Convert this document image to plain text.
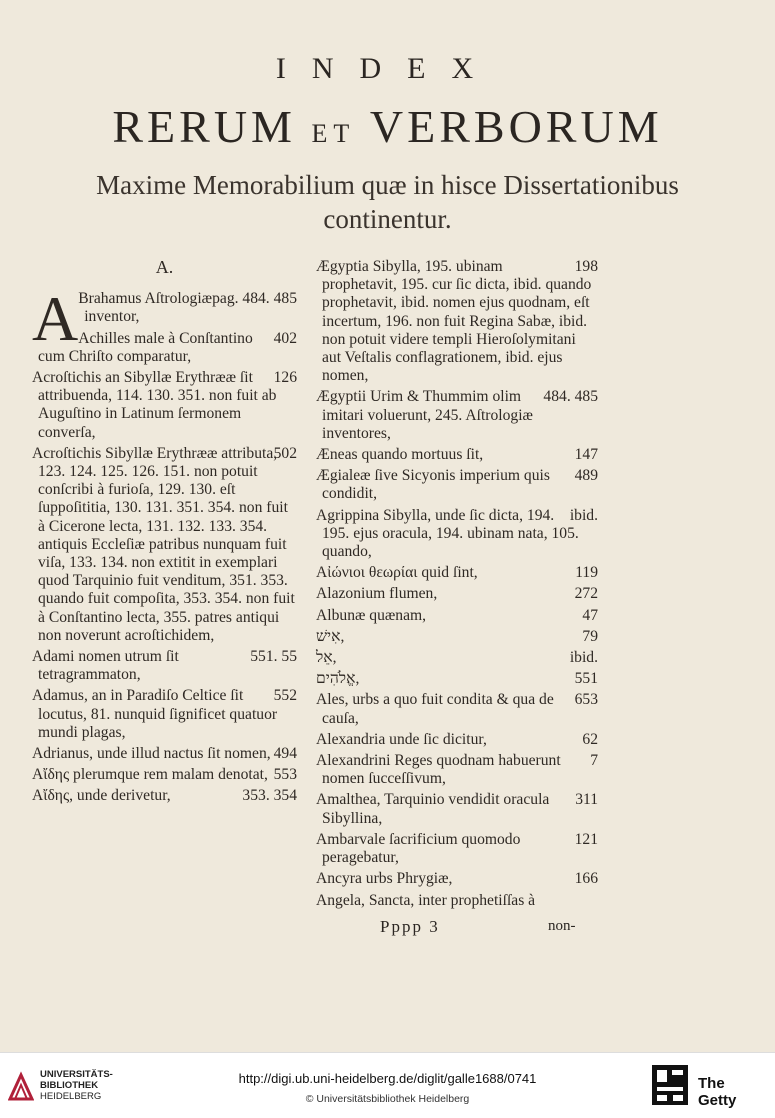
INDEX
RERUM ET VERBORUM
Maxime Memorabilium quæ in hisce Dissertationibus continentur.
A.
A	pag. 484. 485
Brahamus Aſtrologiæ inventor,
402
Achilles male à Conſtantino cum Chriſto comparatur,
126
Acroſtichis an Sibyllæ Erythrææ ſit attribuenda, 114. 130. 351. non fuit ab Auguſtino in Latinum ſermonem converſa,
502
Acroſtichis Sibyllæ Erythrææ attributa, 123. 124. 125. 126. 151. non potuit conſcribi à furioſa, 129. 130. eſt ſuppoſititia, 130. 131. 351. 354. non fuit à Cicerone lecta, 131. 132. 133. 354. antiquis Eccleſiæ patribus nunquam fuit viſa, 133. 134. non extitit in exemplari quod Tarquinio fuit venditum, 351. 353. quando fuit compoſita, 353. 354. non fuit à Conſtantino lecta, 355. patres antiqui non noverunt acroſtichidem,
551. 55
Adami nomen utrum ſit tetragrammaton,
552
Adamus, an in Paradiſo Celtice ſit locutus, 81. nunquid ſignificet quatuor mundi plagas,
494
Adrianus, unde illud nactus ſit nomen,
553
Αἴδης plerumque rem malam denotat,
353. 354
Αἴδης, unde derivetur,
198
Ægyptia Sibylla, 195. ubinam prophetavit, 195. cur ſic dicta, ibid. quando prophetavit, ibid. nomen ejus quodnam, eſt incertum, 196. non fuit Regina Sabæ, ibid. non potuit videre templi Hieroſolymitani aut Veſtalis conflagrationem, ibid. ejus nomen,
484. 485
Ægyptii Urim & Thummim olim imitari voluerunt, 245. Aſtrologiæ inventores,
147
Æneas quando mortuus ſit,
489
Ægialeæ ſive Sicyonis imperium quis condidit,
ibid.
Agrippina Sibylla, unde ſic dicta, 194. 195. ejus oracula, 194. ubinam nata, 105. quando,
119
Αἰώνιοι θεωρίαι quid ſint,
272
Alazonium flumen,
47
Albunæ quænam,
79
אִישׁ,
ibid.
אֵל,
551
אֱלֹהִים,
653
Ales, urbs a quo fuit condita & qua de cauſa,
62
Alexandria unde ſic dicitur,
7
Alexandrini Reges quodnam habuerunt nomen ſucceſſivum,
311
Amalthea, Tarquinio vendidit oracula Sibyllina,
121
Ambarvale ſacrificium quomodo peragebatur,
166
Ancyra urbs Phrygiæ,
Angela, Sancta, inter prophetiſſas à
Pppp 3	non-
UNIVERSITÄTS-
BIBLIOTHEK
HEIDELBERG
http://digi.ub.uni-heidelberg.de/diglit/galle1688/0741
© Universitätsbibliothek Heidelberg
The Getty
